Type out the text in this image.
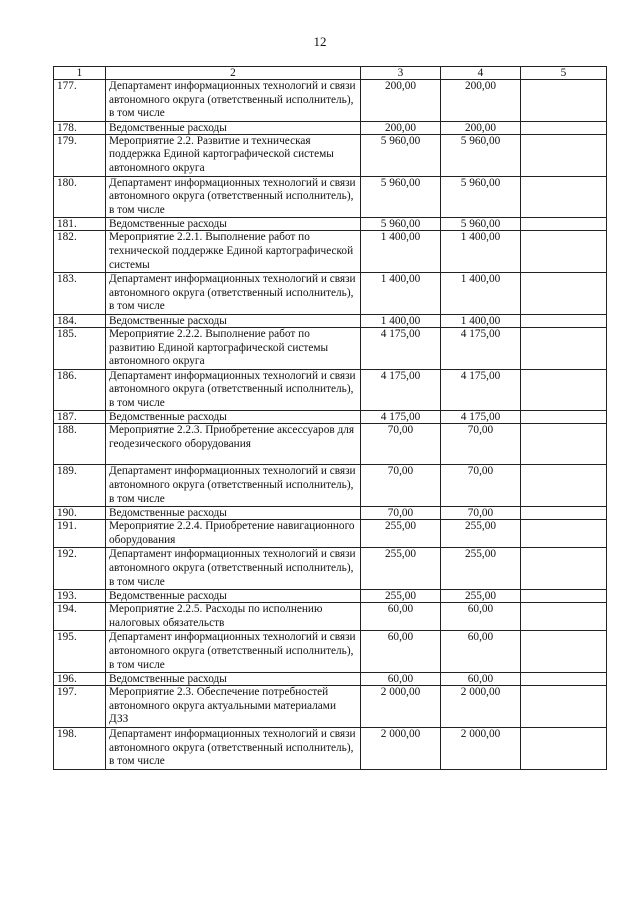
12
1	2	3	4	5
177.	Департамент информационных технологий и связи автономного округа (ответственный исполнитель), в том числе	200,00	200,00	
178.	Ведомственные расходы	200,00	200,00	
179.	Мероприятие 2.2. Развитие и техническая поддержка Единой картографической системы автономного округа	5 960,00	5 960,00	
180.	Департамент информационных технологий и связи автономного округа (ответственный исполнитель), в том числе	5 960,00	5 960,00	
181.	Ведомственные расходы	5 960,00	5 960,00	
182.	Мероприятие 2.2.1. Выполнение работ по технической поддержке Единой картографической системы	1 400,00	1 400,00	
183.	Департамент информационных технологий и связи автономного округа (ответственный исполнитель), в том числе	1 400,00	1 400,00	
184.	Ведомственные расходы	1 400,00	1 400,00	
185.	Мероприятие 2.2.2. Выполнение работ по развитию Единой картографической системы автономного округа	4 175,00	4 175,00	
186.	Департамент информационных технологий и связи автономного округа (ответственный исполнитель), в том числе	4 175,00	4 175,00	
187.	Ведомственные расходы	4 175,00	4 175,00	
188.	Мероприятие 2.2.3. Приобретение аксессуаров для геодезического оборудования	70,00	70,00	
189.	Департамент информационных технологий и связи автономного округа (ответственный исполнитель), в том числе	70,00	70,00	
190.	Ведомственные расходы	70,00	70,00	
191.	Мероприятие 2.2.4. Приобретение навигационного оборудования	255,00	255,00	
192.	Департамент информационных технологий и связи автономного округа (ответственный исполнитель), в том числе	255,00	255,00	
193.	Ведомственные расходы	255,00	255,00	
194.	Мероприятие 2.2.5. Расходы по исполнению налоговых обязательств	60,00	60,00	
195.	Департамент информационных технологий и связи автономного округа (ответственный исполнитель), в том числе	60,00	60,00	
196.	Ведомственные расходы	60,00	60,00	
197.	Мероприятие 2.3. Обеспечение потребностей автономного округа актуальными материалами ДЗЗ	2 000,00	2 000,00	
198.	Департамент информационных технологий и связи автономного округа (ответственный исполнитель), в том числе	2 000,00	2 000,00	
